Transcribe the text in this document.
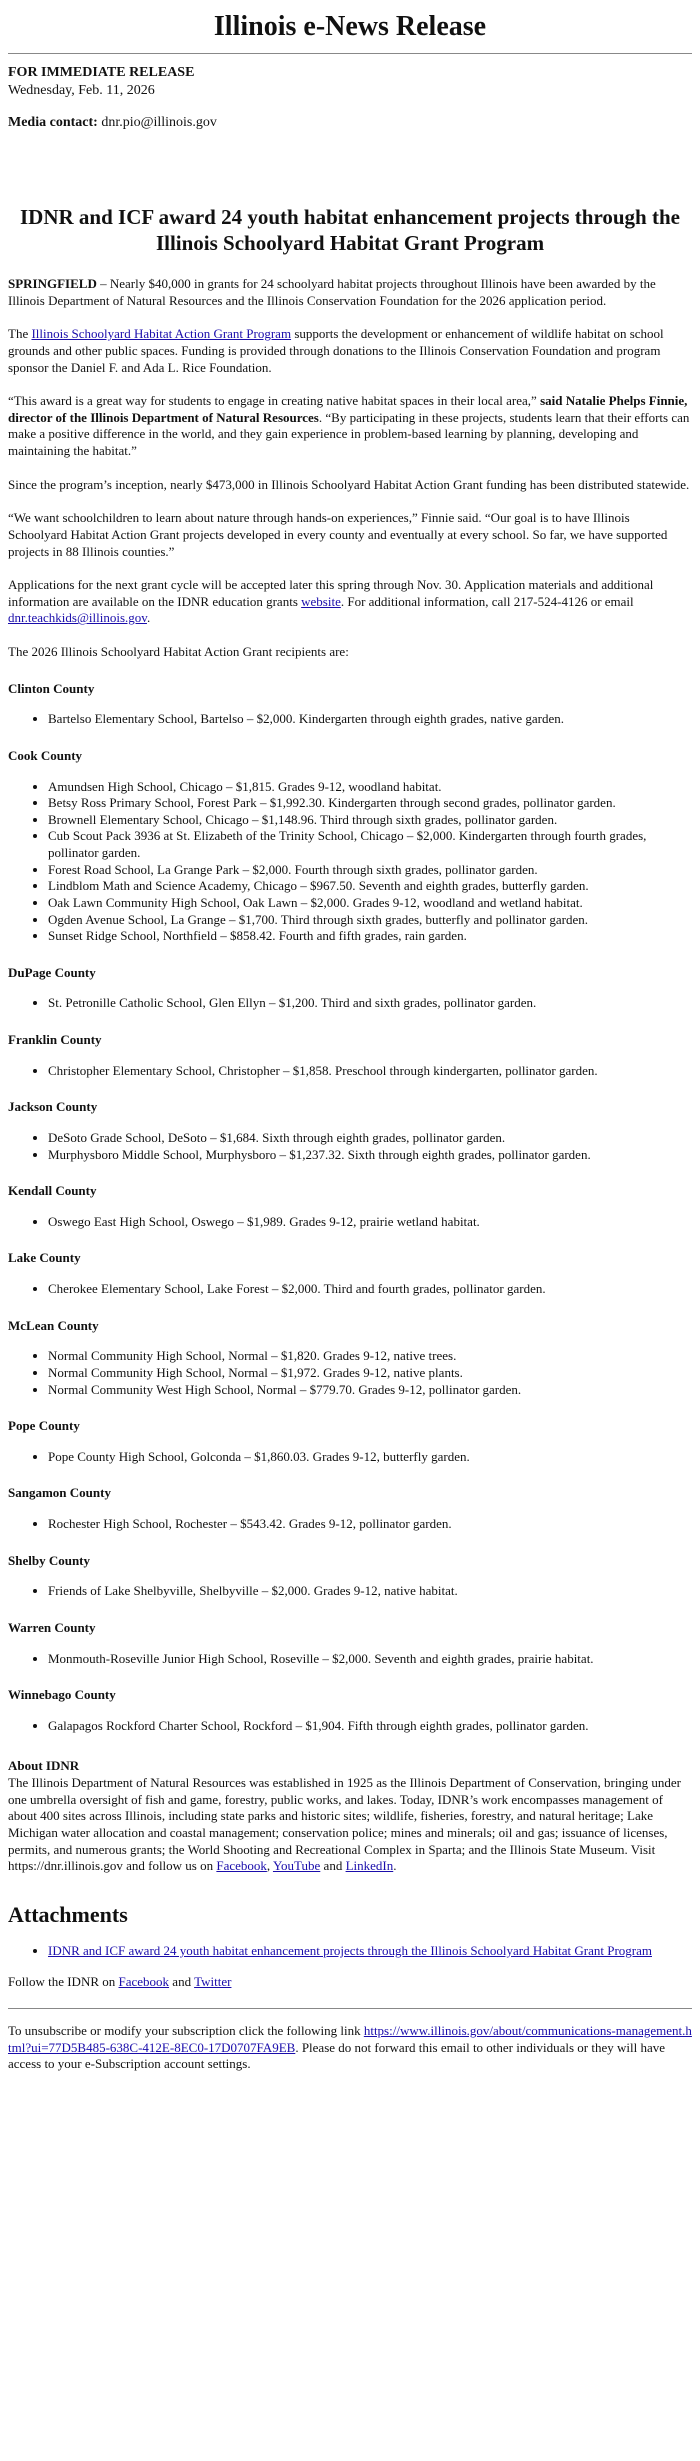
Illinois e-News Release
FOR IMMEDIATE RELEASE
Wednesday, Feb. 11, 2026
Media contact: dnr.pio@illinois.gov
IDNR and ICF award 24 youth habitat enhancement projects through the Illinois Schoolyard Habitat Grant Program

SPRINGFIELD – Nearly $40,000 in grants for 24 schoolyard habitat projects throughout Illinois have been awarded by the Illinois Department of Natural Resources and the Illinois Conservation Foundation for the 2026 application period.

The Illinois Schoolyard Habitat Action Grant Program supports the development or enhancement of wildlife habitat on school grounds and other public spaces. Funding is provided through donations to the Illinois Conservation Foundation and program sponsor the Daniel F. and Ada L. Rice Foundation.

“This award is a great way for students to engage in creating native habitat spaces in their local area,” said Natalie Phelps Finnie, director of the Illinois Department of Natural Resources. “By participating in these projects, students learn that their efforts can make a positive difference in the world, and they gain experience in problem-based learning by planning, developing and maintaining the habitat.”

Since the program’s inception, nearly $473,000 in Illinois Schoolyard Habitat Action Grant funding has been distributed statewide.

“We want schoolchildren to learn about nature through hands-on experiences,” Finnie said. “Our goal is to have Illinois Schoolyard Habitat Action Grant projects developed in every county and eventually at every school. So far, we have supported projects in 88 Illinois counties.”

Applications for the next grant cycle will be accepted later this spring through Nov. 30. Application materials and additional information are available on the IDNR education grants website. For additional information, call 217-524-4126 or email dnr.teachkids@illinois.gov.

The 2026 Illinois Schoolyard Habitat Action Grant recipients are:

Clinton County
• Bartelso Elementary School, Bartelso – $2,000. Kindergarten through eighth grades, native garden.
Cook County
• Amundsen High School, Chicago – $1,815. Grades 9-12, woodland habitat.
• Betsy Ross Primary School, Forest Park – $1,992.30. Kindergarten through second grades, pollinator garden.
• Brownell Elementary School, Chicago – $1,148.96. Third through sixth grades, pollinator garden.
• Cub Scout Pack 3936 at St. Elizabeth of the Trinity School, Chicago – $2,000. Kindergarten through fourth grades, pollinator garden.
• Forest Road School, La Grange Park – $2,000. Fourth through sixth grades, pollinator garden.
• Lindblom Math and Science Academy, Chicago – $967.50. Seventh and eighth grades, butterfly garden.
• Oak Lawn Community High School, Oak Lawn – $2,000. Grades 9-12, woodland and wetland habitat.
• Ogden Avenue School, La Grange – $1,700. Third through sixth grades, butterfly and pollinator garden.
• Sunset Ridge School, Northfield – $858.42. Fourth and fifth grades, rain garden.
DuPage County
• St. Petronille Catholic School, Glen Ellyn – $1,200. Third and sixth grades, pollinator garden.
Franklin County
• Christopher Elementary School, Christopher – $1,858. Preschool through kindergarten, pollinator garden.
Jackson County
• DeSoto Grade School, DeSoto – $1,684. Sixth through eighth grades, pollinator garden.
• Murphysboro Middle School, Murphysboro – $1,237.32. Sixth through eighth grades, pollinator garden.
Kendall County
• Oswego East High School, Oswego – $1,989. Grades 9-12, prairie wetland habitat.
Lake County
• Cherokee Elementary School, Lake Forest – $2,000. Third and fourth grades, pollinator garden.
McLean County
• Normal Community High School, Normal – $1,820. Grades 9-12, native trees.
• Normal Community High School, Normal – $1,972. Grades 9-12, native plants.
• Normal Community West High School, Normal – $779.70. Grades 9-12, pollinator garden.
Pope County
• Pope County High School, Golconda – $1,860.03. Grades 9-12, butterfly garden.
Sangamon County
• Rochester High School, Rochester – $543.42. Grades 9-12, pollinator garden.
Shelby County
• Friends of Lake Shelbyville, Shelbyville – $2,000. Grades 9-12, native habitat.
Warren County
• Monmouth-Roseville Junior High School, Roseville – $2,000. Seventh and eighth grades, prairie habitat.
Winnebago County
• Galapagos Rockford Charter School, Rockford – $1,904. Fifth through eighth grades, pollinator garden.
About IDNR

The Illinois Department of Natural Resources was established in 1925 as the Illinois Department of Conservation, bringing under one umbrella oversight of fish and game, forestry, public works, and lakes. Today, IDNR’s work encompasses management of about 400 sites across Illinois, including state parks and historic sites; wildlife, fisheries, forestry, and natural heritage; Lake Michigan water allocation and coastal management; conservation police; mines and minerals; oil and gas; issuance of licenses, permits, and numerous grants; the World Shooting and Recreational Complex in Sparta; and the Illinois State Museum. Visit https://dnr.illinois.gov and follow us on Facebook, YouTube and LinkedIn.

Attachments
• IDNR and ICF award 24 youth habitat enhancement projects through the Illinois Schoolyard Habitat Grant Program

Follow the IDNR on Facebook and Twitter

To unsubscribe or modify your subscription click the following link https://www.illinois.gov/about/communications-management.html?ui=77D5B485-638C-412E-8EC0-17D0707FA9EB. Please do not forward this email to other individuals or they will have access to your e-Subscription account settings.
